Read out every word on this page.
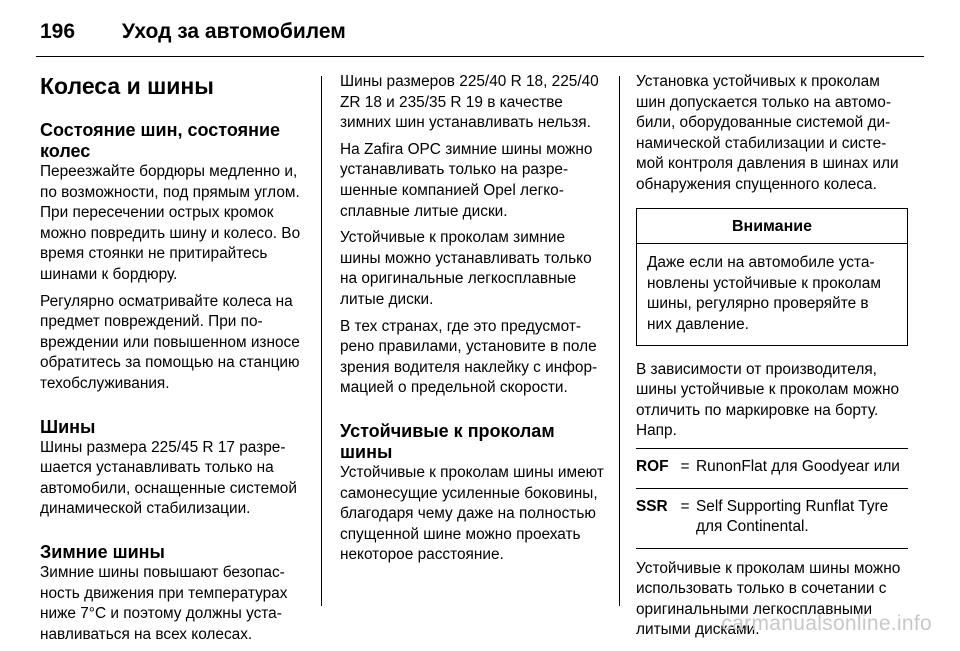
196 Уход за автомобилем
Колеса и шины
Состояние шин, состояние колес

Переезжайте бордюры медленно и, по возможности, под прямым углом. При пересечении острых кромок можно повредить шину и колесо. Во время стоянки не притирайтесь шинами к бордюру.

Регулярно осматривайте колеса на предмет повреждений. При повреждении или повышенном износе обратитесь за помощью на станцию техобслуживания.

Шины

Шины размера 225/45 R 17 разрешается устанавливать только на автомобили, оснащенные системой динамической стабилизации.

Зимние шины

Зимние шины повышают безопасность движения при температурах ниже 7°C и поэтому должны устанавливаться на всех колесах.

Шины размеров 225/40 R 18, 225/40 ZR 18 и 235/35 R 19 в качестве зимних шин устанавливать нельзя.

На Zafira OPC зимние шины можно устанавливать только на разрешенные компанией Opel легкосплавные литые диски.

Устойчивые к проколам зимние шины можно устанавливать только на оригинальные легкосплавные литые диски.

В тех странах, где это предусмотрено правилами, установите в поле зрения водителя наклейку с информацией о предельной скорости.

Устойчивые к проколам шины

Устойчивые к проколам шины имеют самонесущие усиленные боковины, благодаря чему даже на полностью спущенной шине можно проехать некоторое расстояние.

Установка устойчивых к проколам шин допускается только на автомобили, оборудованные системой динамической стабилизации и системой контроля давления в шинах или обнаружения спущенного колеса.

Внимание
Даже если на автомобиле установлены устойчивые к проколам шины, регулярно проверяйте в них давление.

В зависимости от производителя, шины устойчивые к проколам можно отличить по маркировке на борту. Напр.

ROF = RunonFlat для Goodyear или
SSR = Self Supporting Runflat Tyre для Continental.

Устойчивые к проколам шины можно использовать только в сочетании с оригинальными легкосплавными литыми дисками.

carmanualsonline.info
